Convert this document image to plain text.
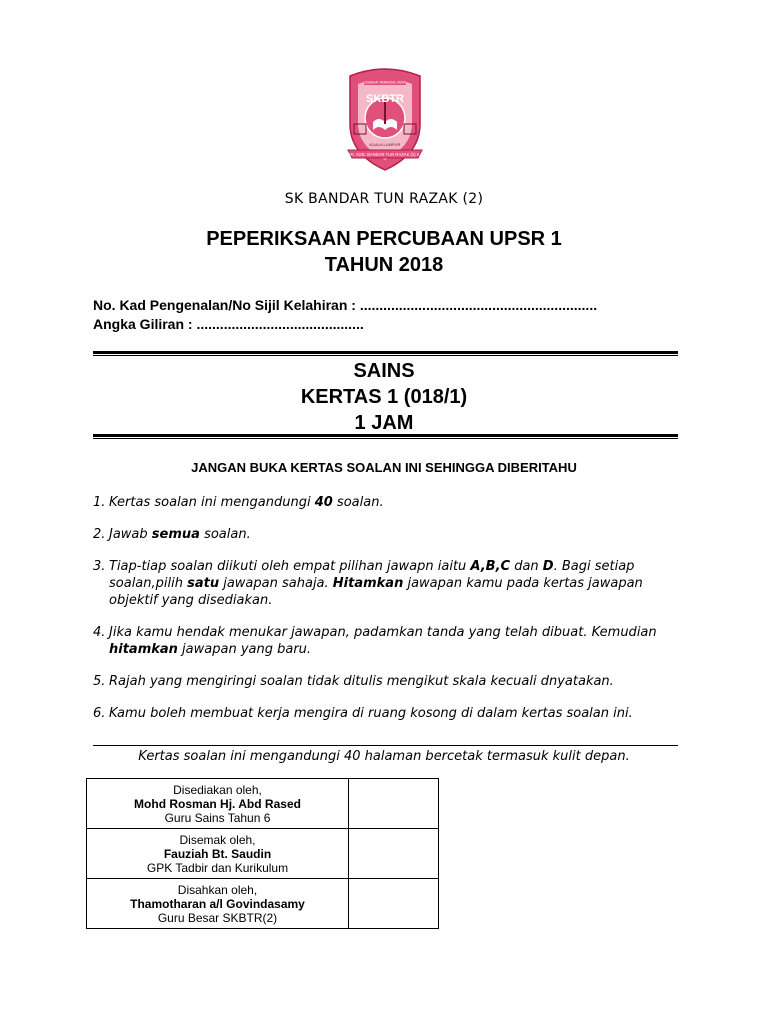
SKBTR
USAHA TANGGA JAYA
KUALA LUMPUR
SEK. KEB. BANDAR TUN RAZAK (2) K.L.
SK BANDAR TUN RAZAK (2)
PEPERIKSAAN PERCUBAAN UPSR 1
TAHUN 2018
No. Kad Pengenalan/No Sijil Kelahiran : .............................................................
Angka Giliran : ...........................................
SAINS
KERTAS 1 (018/1)
1 JAM
JANGAN BUKA KERTAS SOALAN INI SEHINGGA DIBERITAHU
1. Kertas soalan ini mengandungi 40 soalan.
2. Jawab semua soalan.
3. Tiap-tiap soalan diikuti oleh empat pilihan jawapn iaitu A,B,C dan D. Bagi setiap soalan,pilih satu jawapan sahaja. Hitamkan jawapan kamu pada kertas jawapan objektif yang disediakan.
4. Jika kamu hendak menukar jawapan, padamkan tanda yang telah dibuat. Kemudian hitamkan jawapan yang baru.
5. Rajah yang mengiringi soalan tidak ditulis mengikut skala kecuali dnyatakan.
6. Kamu boleh membuat kerja mengira di ruang kosong di dalam kertas soalan ini.
Kertas soalan ini mengandungi 40 halaman bercetak termasuk kulit depan.
Disediakan oleh,
Mohd Rosman Hj. Abd Rased
Guru Sains Tahun 6	

Disemak oleh,
Fauziah Bt. Saudin
GPK Tadbir dan Kurikulum	

Disahkan oleh,
Thamotharan a/l Govindasamy
Guru Besar SKBTR(2)	
